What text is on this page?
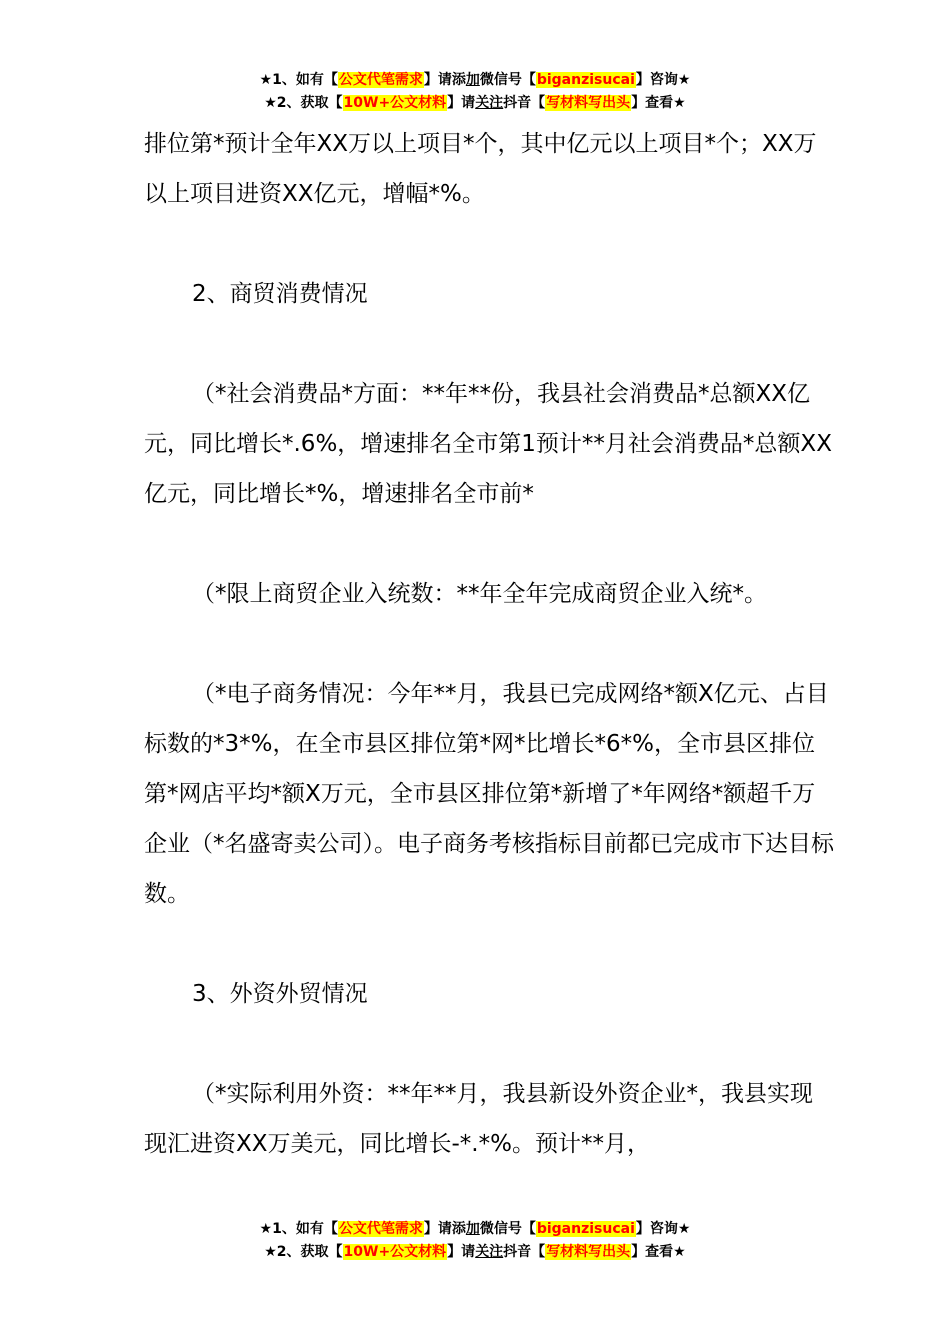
★1、如有【公文代笔需求】请添加微信号【biganzisucai】咨询★
★2、获取【10W+公文材料】请关注抖音【写材料写出头】查看★

排位第*预计全年XX万以上项目*个，其中亿元以上项目*个；XX万以上项目进资XX亿元，增幅*%。

2、商贸消费情况

（*社会消费品*方面：**年**份，我县社会消费品*总额XX亿元，同比增长*.6%，增速排名全市第1预计**月社会消费品*总额XX亿元，同比增长*%，增速排名全市前*

（*限上商贸企业入统数：**年全年完成商贸企业入统*。

（*电子商务情况：今年**月，我县已完成网络*额X亿元、占目标数的*3*%，在全市县区排位第*网*比增长*6*%，全市县区排位第*网店平均*额X万元，全市县区排位第*新增了*年网络*额超千万企业（*名盛寄卖公司）。电子商务考核指标目前都已完成市下达目标数。

3、外资外贸情况

（*实际利用外资：**年**月，我县新设外资企业*，我县实现现汇进资XX万美元，同比增长-*.*%。预计**月，

★1、如有【公文代笔需求】请添加微信号【biganzisucai】咨询★
★2、获取【10W+公文材料】请关注抖音【写材料写出头】查看★
